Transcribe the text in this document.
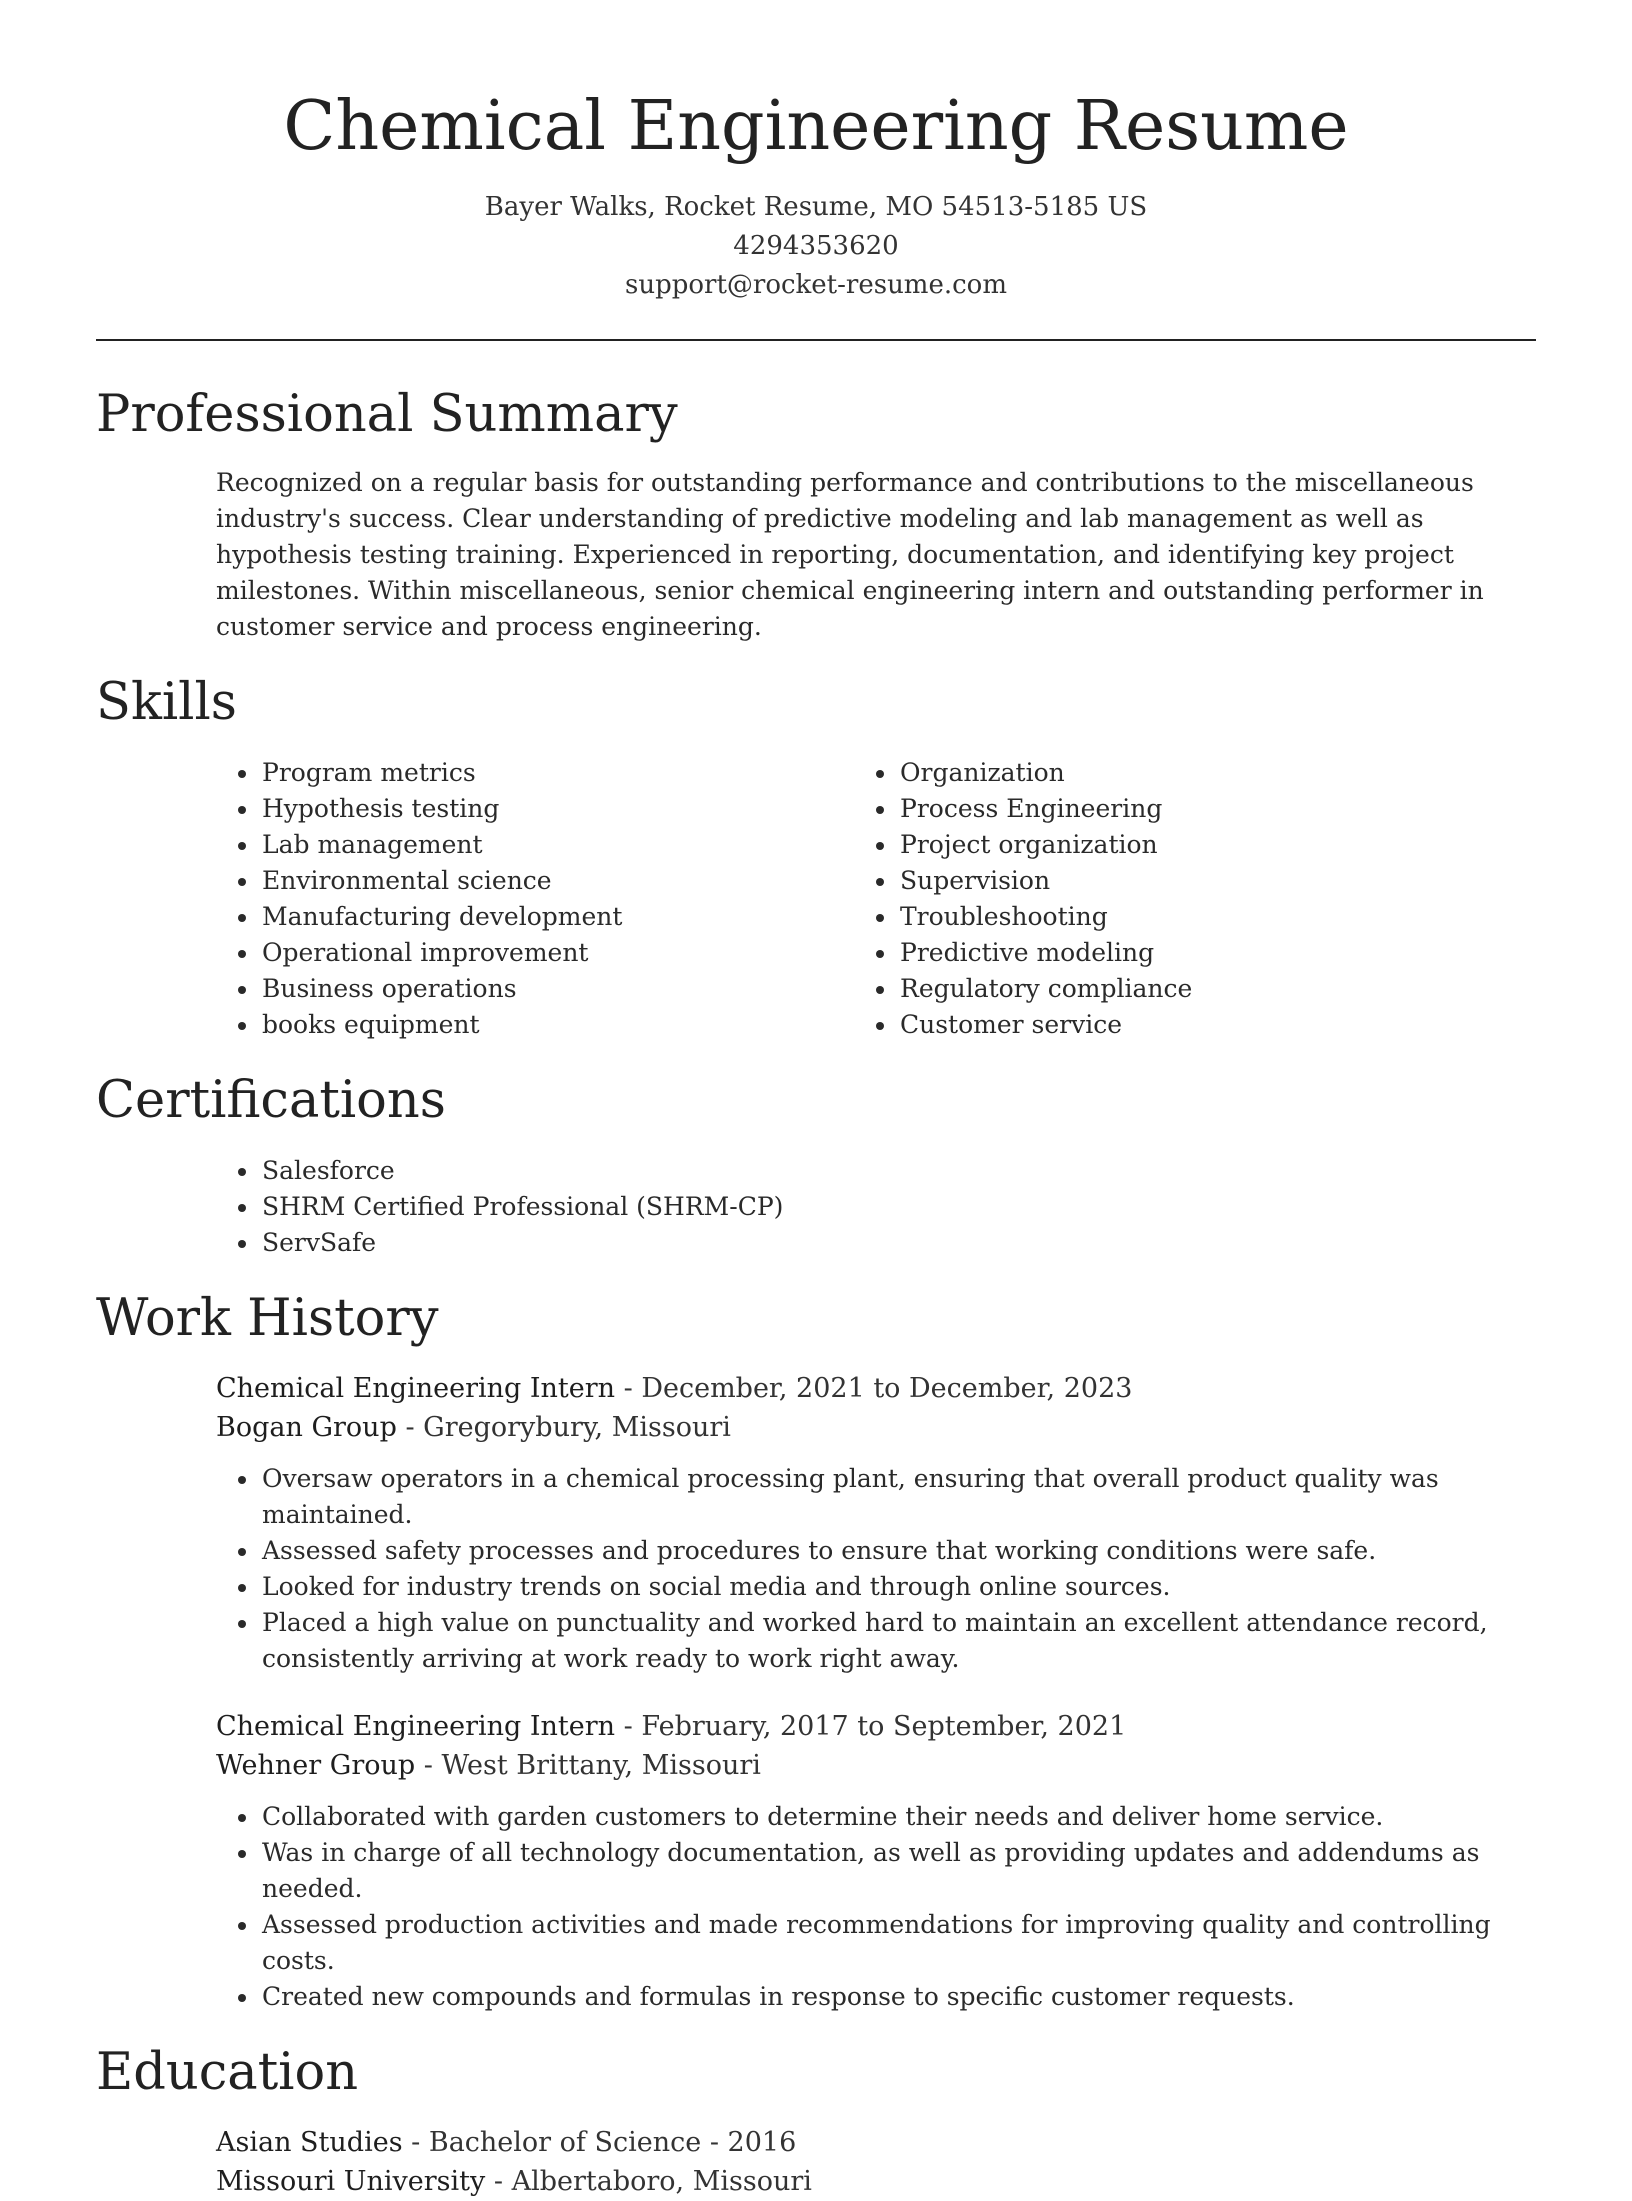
Chemical Engineering Resume
Bayer Walks, Rocket Resume, MO 54513-5185 US
4294353620
support@rocket-resume.com
Professional Summary

Recognized on a regular basis for outstanding performance and contributions to the miscellaneous industry's success. Clear understanding of predictive modeling and lab management as well as hypothesis testing training. Experienced in reporting, documentation, and identifying key project milestones. Within miscellaneous, senior chemical engineering intern and outstanding performer in customer service and process engineering.

Skills
• Program metrics
• Hypothesis testing
• Lab management
• Environmental science
• Manufacturing development
• Operational improvement
• Business operations
• books equipment
• Organization
• Process Engineering
• Project organization
• Supervision
• Troubleshooting
• Predictive modeling
• Regulatory compliance
• Customer service
Certifications
• Salesforce
• SHRM Certified Professional (SHRM-CP)
• ServSafe
Work History
Chemical Engineering Intern - December, 2021 to December, 2023
Bogan Group - Gregorybury, Missouri
• Oversaw operators in a chemical processing plant, ensuring that overall product quality was maintained.
• Assessed safety processes and procedures to ensure that working conditions were safe.
• Looked for industry trends on social media and through online sources.
• Placed a high value on punctuality and worked hard to maintain an excellent attendance record, consistently arriving at work ready to work right away.
Chemical Engineering Intern - February, 2017 to September, 2021
Wehner Group - West Brittany, Missouri
• Collaborated with garden customers to determine their needs and deliver home service.
• Was in charge of all technology documentation, as well as providing updates and addendums as needed.
• Assessed production activities and made recommendations for improving quality and controlling costs.
• Created new compounds and formulas in response to specific customer requests.
Education
Asian Studies - Bachelor of Science - 2016
Missouri University - Albertaboro, Missouri
